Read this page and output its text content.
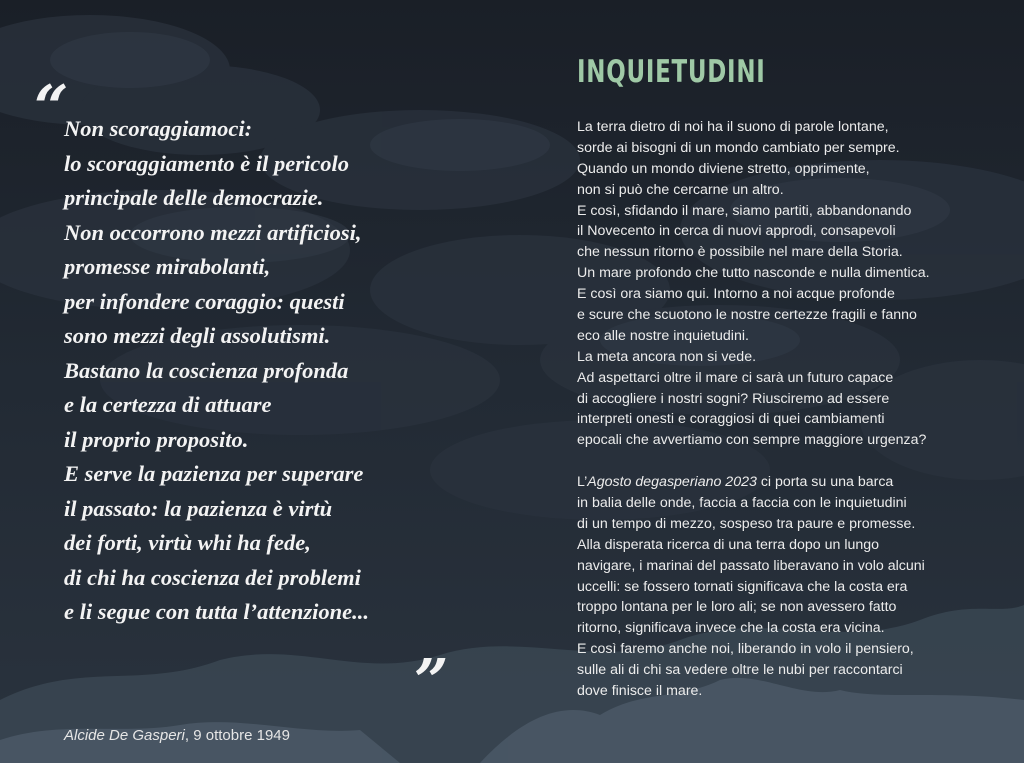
“
Non scoraggiamoci:
lo scoraggiamento è il pericolo
principale delle democrazie.
Non occorrono mezzi artificiosi,
promesse mirabolanti,
per infondere coraggio: questi
sono mezzi degli assolutismi.
Bastano la coscienza profonda
e la certezza di attuare
il proprio proposito.
E serve la pazienza per superare
il passato: la pazienza è virtù
dei forti, virtù whi ha fede,
di chi ha coscienza dei problemi
e li segue con tutta l’attenzione...
”
Alcide De Gasperi, 9 ottobre 1949
INQUIETUDINI
La terra dietro di noi ha il suono di parole lontane,
sorde ai bisogni di un mondo cambiato per sempre.
Quando un mondo diviene stretto, opprimente,
non si può che cercarne un altro.
E così, sfidando il mare, siamo partiti, abbandonando
il Novecento in cerca di nuovi approdi, consapevoli
che nessun ritorno è possibile nel mare della Storia.
Un mare profondo che tutto nasconde e nulla dimentica.
E così ora siamo qui. Intorno a noi acque profonde
e scure che scuotono le nostre certezze fragili e fanno
eco alle nostre inquietudini.
La meta ancora non si vede.
Ad aspettarci oltre il mare ci sarà un futuro capace
di accogliere i nostri sogni? Riusciremo ad essere
interpreti onesti e coraggiosi di quei cambiamenti
epocali che avvertiamo con sempre maggiore urgenza?
L’Agosto degasperiano 2023 ci porta su una barca
in balia delle onde, faccia a faccia con le inquietudini
di un tempo di mezzo, sospeso tra paure e promesse.
Alla disperata ricerca di una terra dopo un lungo
navigare, i marinai del passato liberavano in volo alcuni
uccelli: se fossero tornati significava che la costa era
troppo lontana per le loro ali; se non avessero fatto
ritorno, significava invece che la costa era vicina.
E così faremo anche noi, liberando in volo il pensiero,
sulle ali di chi sa vedere oltre le nubi per raccontarci
dove finisce il mare.
